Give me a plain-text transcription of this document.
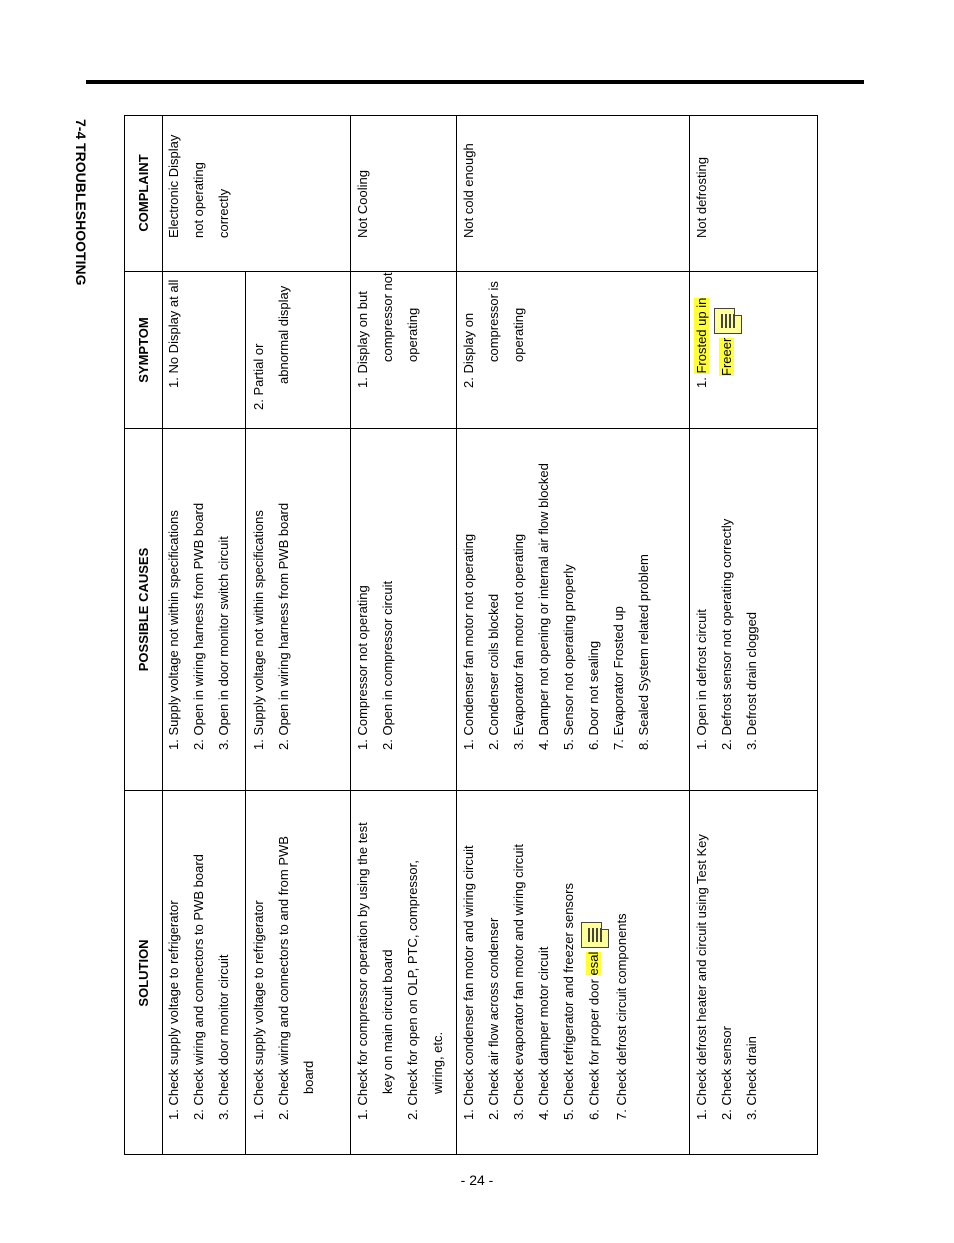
7-4 TROUBLESHOOTING	COMPLAINT
SYMPTOM
POSSIBLE CAUSES
SOLUTION
Electronic Display not operating correctly
1. No Display at all
1. Supply voltage not within specifications 2. Open in wiring harness from PWB board 3. Open in door monitor switch circuit
1. Check supply voltage to refrigerator 2. Check wiring and connectors to PWB board 3. Check door monitor circuit
2. Partial or abnormal display
1. Supply voltage not within specifications 2. Open in wiring harness from PWB board
1. Check supply voltage to refrigerator 2. Check wiring and connectors to and from PWB board
Not Cooling
1. Display on but compressor not operating
1. Compressor not operating 2. Open in compressor circuit
1. Check for compressor operation by using the test key on main circuit board 2. Check for open on OLP, PTC, compressor, wiring, etc.
Not cold enough
2. Display on compressor is operating
1. Condenser fan motor not operating 2. Condenser coils blocked 3. Evaporator fan motor not operating 4. Damper not opening or internal air flow blocked 5. Sensor not operating properly 6. Door not sealing 7. Evaporator Frosted up 8. Sealed System related problem
1. Check condenser fan motor and wiring circuit 2. Check air flow across condenser 3. Check evaporator fan motor and wiring circuit 4. Check damper motor circuit 5. Check refrigerator and freezer sensors 6. Check for proper door esal 7. Check defrost circuit components
Not defrosting
1. Frosted up in Freeer
1. Open in defrost circuit 2. Defrost sensor not operating correctly 3. Defrost drain clogged
1. Check defrost heater and circuit using Test Key 2. Check sensor 3. Check drain
- 24 -
